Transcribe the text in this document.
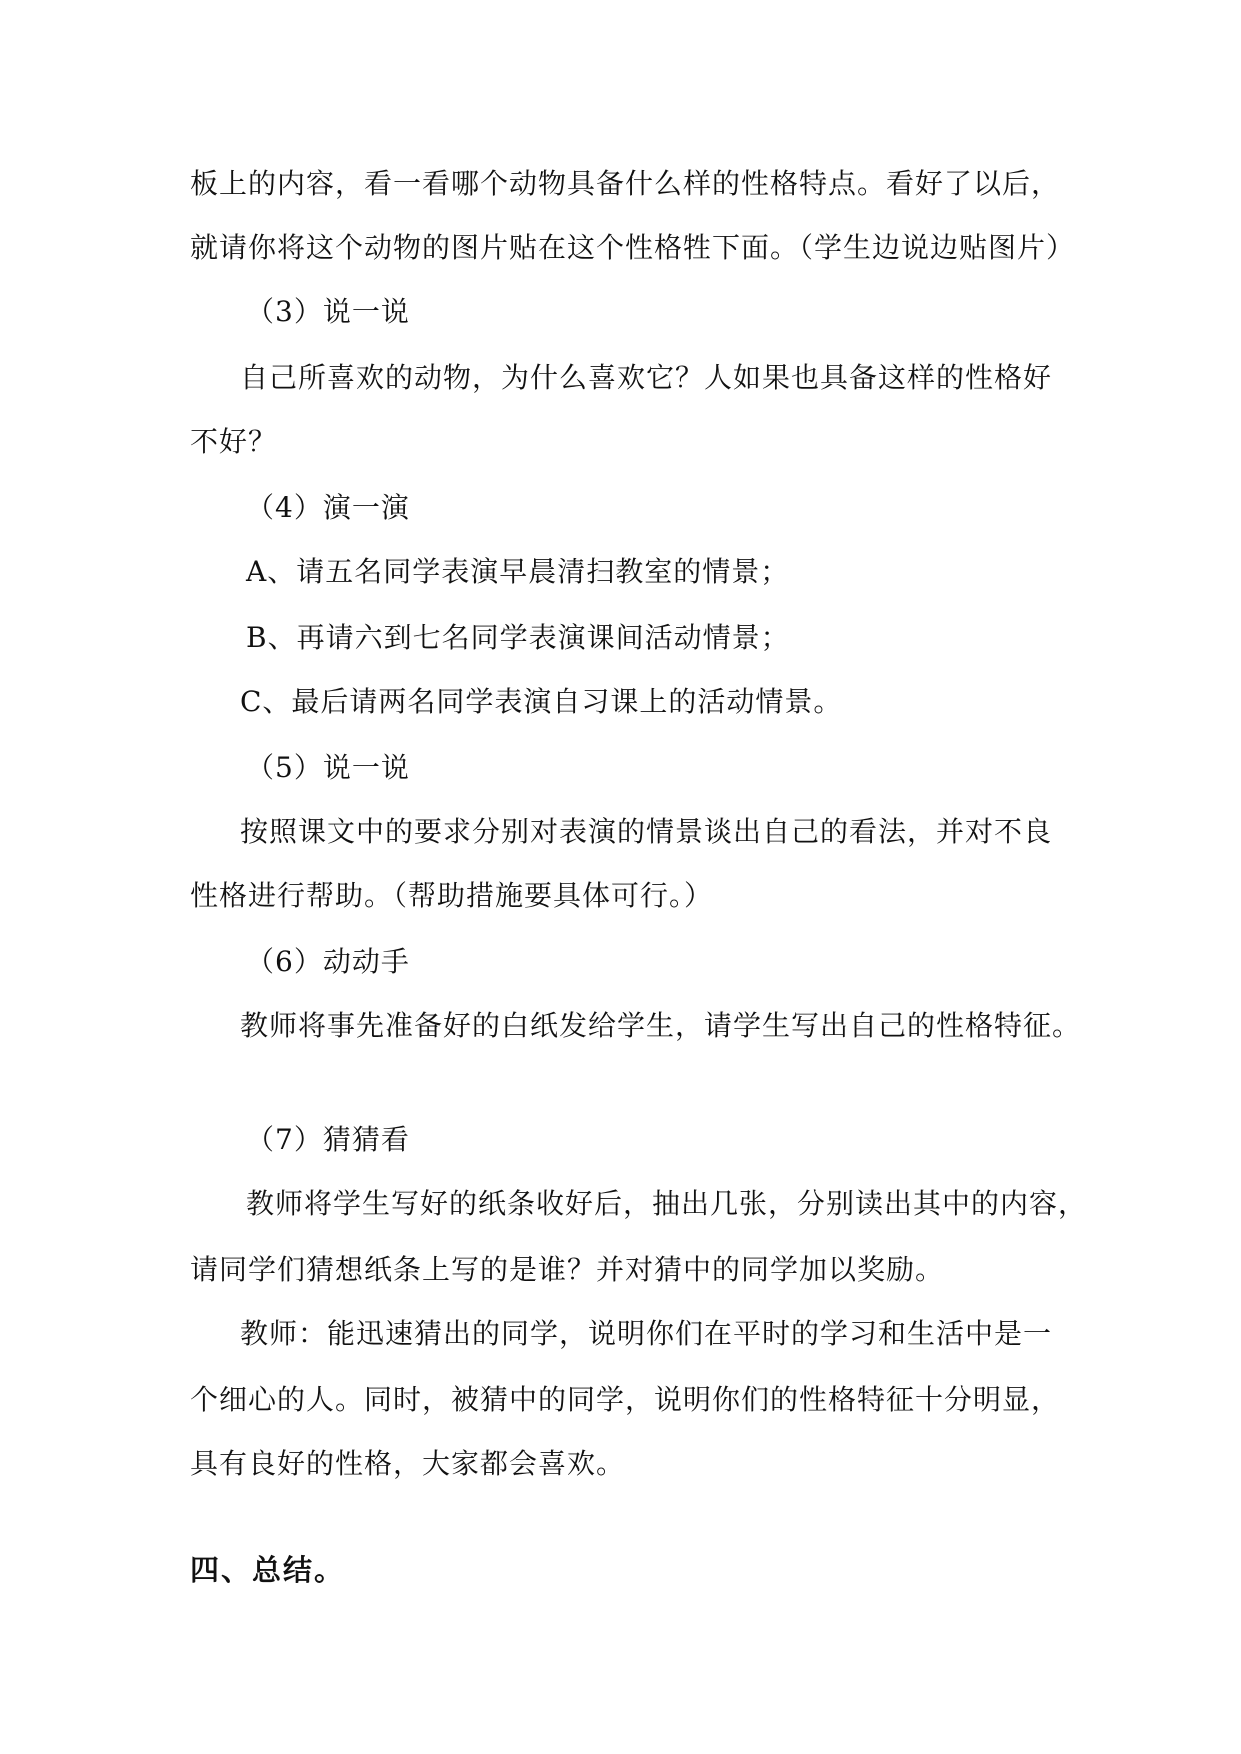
板上的内容，看一看哪个动物具备什么样的性格特点。看好了以后，
就请你将这个动物的图片贴在这个性格牲下面。（学生边说边贴图片）
（3）说一说
自己所喜欢的动物，为什么喜欢它？人如果也具备这样的性格好
不好？
（4）演一演
A、请五名同学表演早晨清扫教室的情景；
B、再请六到七名同学表演课间活动情景；
C、最后请两名同学表演自习课上的活动情景。
（5）说一说
按照课文中的要求分别对表演的情景谈出自己的看法，并对不良
性格进行帮助。（帮助措施要具体可行。）
（6）动动手
教师将事先准备好的白纸发给学生，请学生写出自己的性格特征。
（7）猜猜看
教师将学生写好的纸条收好后，抽出几张，分别读出其中的内容，
请同学们猜想纸条上写的是谁？并对猜中的同学加以奖励。
教师：能迅速猜出的同学，说明你们在平时的学习和生活中是一
个细心的人。同时，被猜中的同学，说明你们的性格特征十分明显，
具有良好的性格，大家都会喜欢。
四、总结。
